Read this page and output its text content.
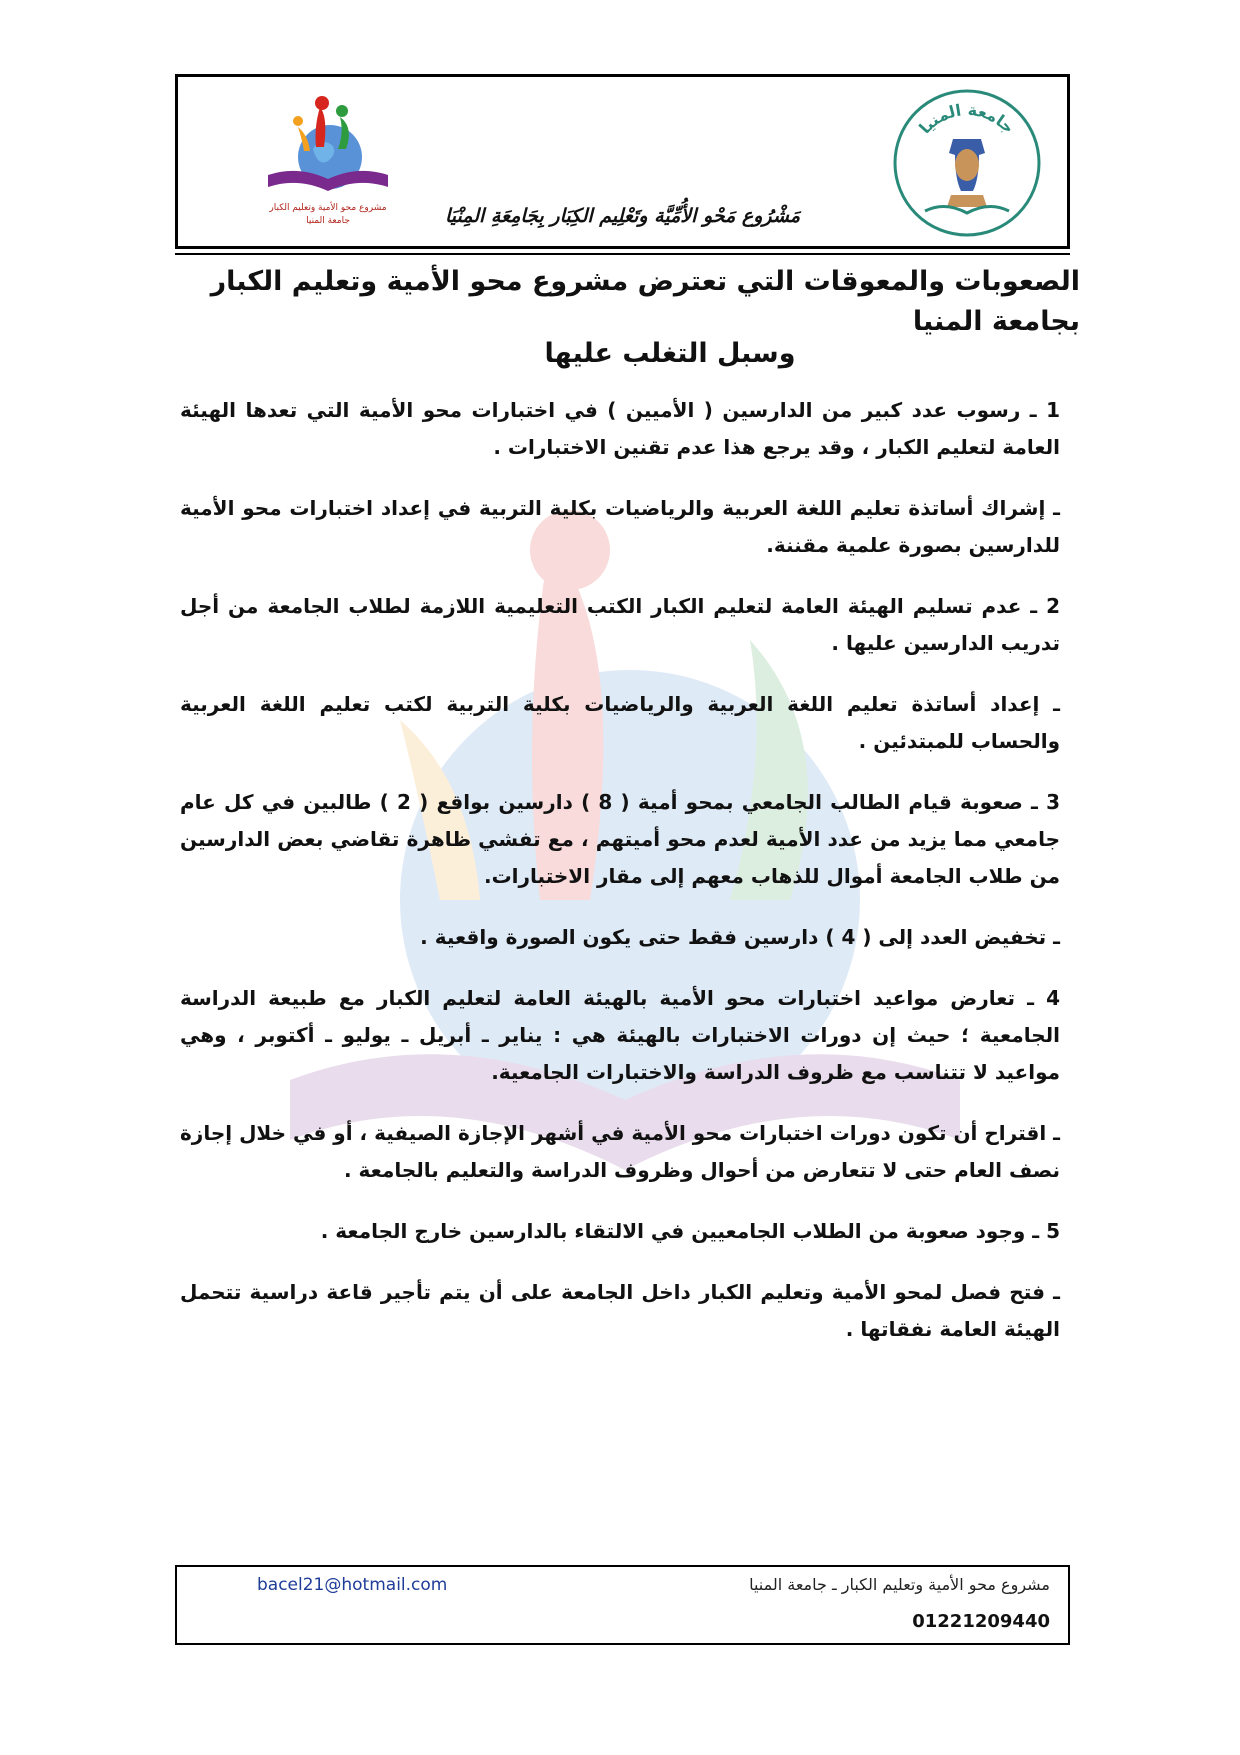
مشروع محو الأمية وتعليم الكبار
جامعة المنيا	مَشْرُوع مَحْو الأُمِّيَّة وتَعْلِيم الكِبَار بِجَامِعَةِ المِنْيَا
جامعة المنيا
الصعوبات والمعوقات التي تعترض مشروع محو الأمية وتعليم الكبار بجامعة المنيا
وسبل التغلب عليها

1 ـ رسوب عدد كبير من الدارسين ( الأميين ) في اختبارات محو الأمية التي تعدها الهيئة العامة لتعليم الكبار ، وقد يرجع هذا عدم تقنين الاختبارات .

ـ إشراك أساتذة تعليم اللغة العربية والرياضيات بكلية التربية في إعداد اختبارات محو الأمية للدارسين بصورة علمية مقننة.

2 ـ عدم تسليم الهيئة العامة لتعليم الكبار الكتب التعليمية اللازمة لطلاب الجامعة من أجل تدريب الدارسين عليها .

ـ إعداد أساتذة تعليم اللغة العربية والرياضيات بكلية التربية لكتب تعليم اللغة العربية والحساب للمبتدئين .

3 ـ صعوبة قيام الطالب الجامعي بمحو أمية ( 8 ) دارسين بواقع ( 2 ) طالبين في كل عام جامعي مما يزيد من عدد الأمية لعدم محو أميتهم ، مع تفشي ظاهرة تقاضي بعض الدارسين من طلاب الجامعة أموال للذهاب معهم إلى مقار الاختبارات.

ـ تخفيض العدد إلى ( 4 ) دارسين فقط حتى يكون الصورة واقعية .

4 ـ تعارض مواعيد اختبارات محو الأمية بالهيئة العامة لتعليم الكبار مع طبيعة الدراسة الجامعية ؛ حيث إن دورات الاختبارات بالهيئة هي : يناير ـ أبريل ـ يوليو ـ أكتوبر ، وهي مواعيد لا تتناسب مع ظروف الدراسة والاختبارات الجامعية.

ـ اقتراح أن تكون دورات اختبارات محو الأمية في أشهر الإجازة الصيفية ، أو في خلال إجازة نصف العام حتى لا تتعارض من أحوال وظروف الدراسة والتعليم بالجامعة .

5 ـ وجود صعوبة من الطلاب الجامعيين في الالتقاء بالدارسين خارج الجامعة .

ـ فتح فصل لمحو الأمية وتعليم الكبار داخل الجامعة على أن يتم تأجير قاعة دراسية تتحمل الهيئة العامة نفقاتها .

bacel21@hotmail.com	مشروع محو الأمية وتعليم الكبار ـ جامعة المنيا
01221209440
